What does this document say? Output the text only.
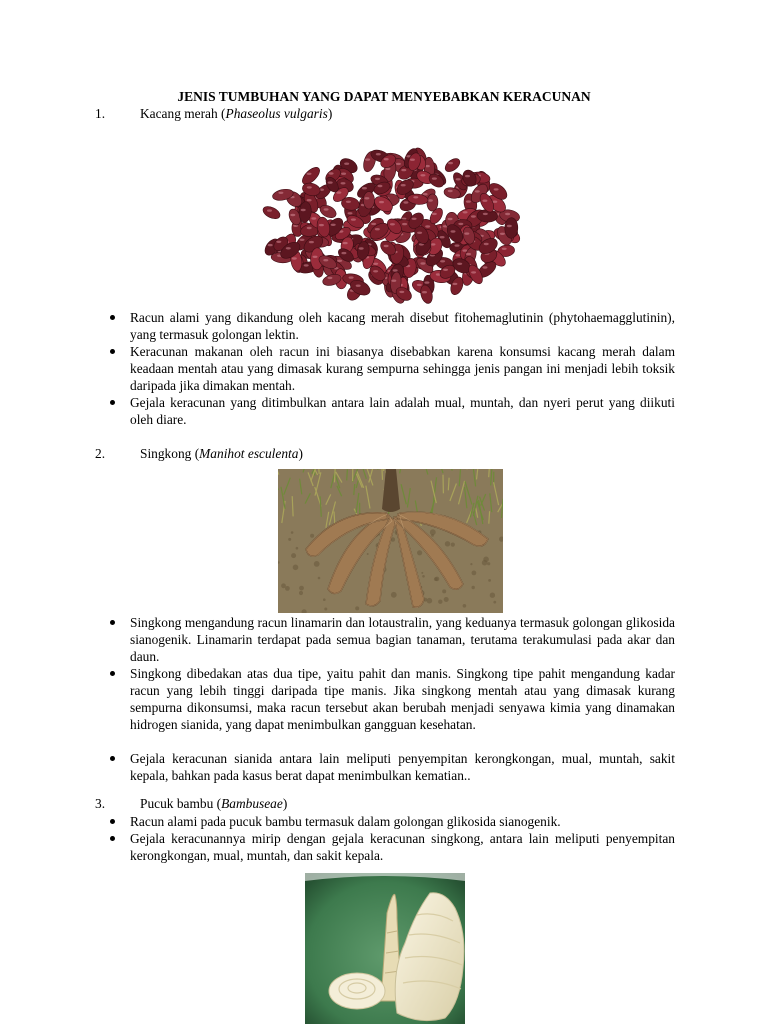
JENIS TUMBUHAN YANG DAPAT MENYEBABKAN KERACUNAN
1.	Kacang merah (Phaseolus vulgaris)
Racun alami yang dikandung oleh kacang merah disebut fitohemaglutinin (phytohaemagglutinin), yang termasuk golongan lektin.
Keracunan makanan oleh racun ini biasanya disebabkan karena konsumsi kacang merah dalam keadaan mentah atau yang dimasak kurang sempurna sehingga jenis pangan ini menjadi lebih toksik daripada jika dimakan mentah.
Gejala keracunan yang ditimbulkan antara lain adalah mual, muntah, dan nyeri perut yang diikuti oleh diare.
2.	Singkong (Manihot esculenta)
Singkong mengandung racun linamarin dan lotaustralin, yang keduanya termasuk golongan glikosida sianogenik. Linamarin terdapat pada semua bagian tanaman, terutama terakumulasi pada akar dan daun.
Singkong dibedakan atas dua tipe, yaitu pahit dan manis. Singkong tipe pahit mengandung kadar racun yang lebih tinggi daripada tipe manis. Jika singkong mentah atau yang dimasak kurang sempurna dikonsumsi, maka racun tersebut akan berubah menjadi senyawa kimia yang dinamakan hidrogen sianida, yang dapat menimbulkan gangguan kesehatan.
Gejala keracunan sianida antara lain meliputi penyempitan kerongkongan, mual, muntah, sakit kepala, bahkan pada kasus berat dapat menimbulkan kematian..
3.	Pucuk bambu (Bambuseae)
Racun alami pada pucuk bambu termasuk dalam golongan glikosida sianogenik.
Gejala keracunannya mirip dengan gejala keracunan singkong, antara lain meliputi penyempitan kerongkongan, mual, muntah, dan sakit kepala.
